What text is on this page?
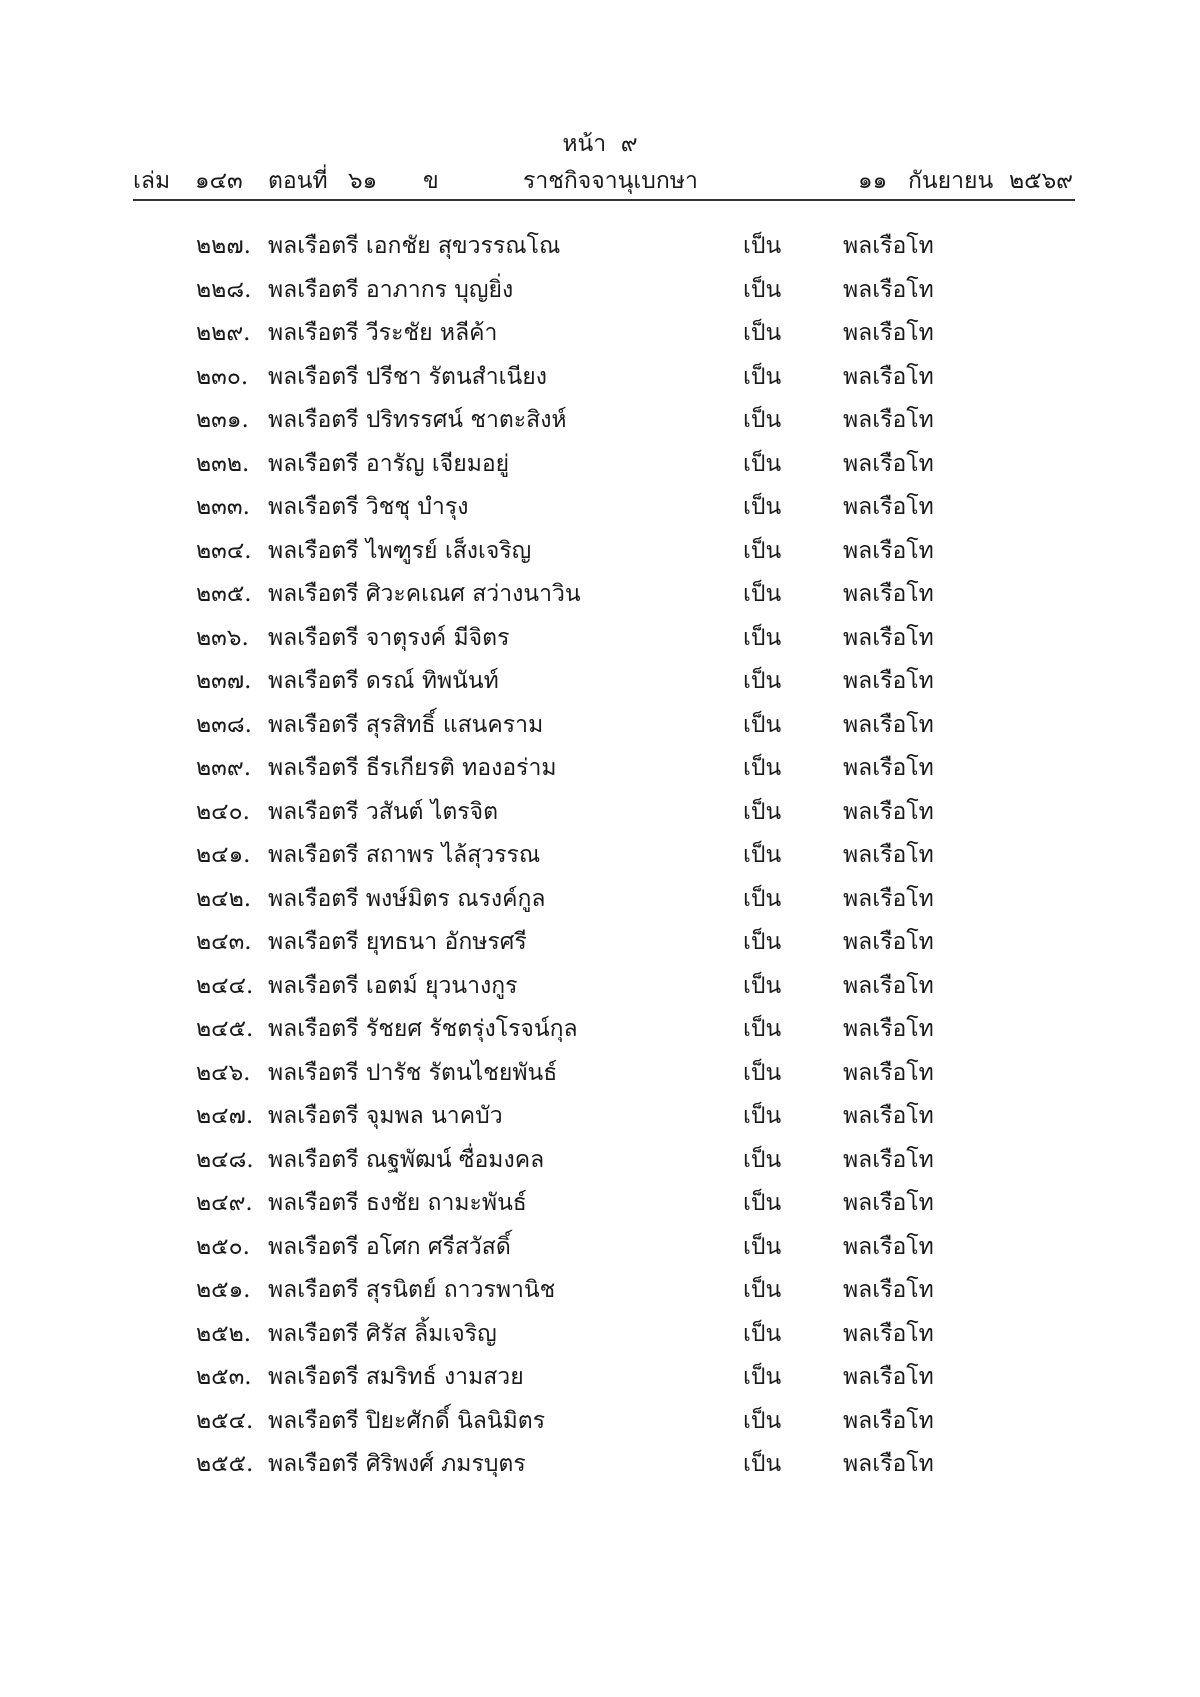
หน้า ๙
เล่ม ๑๔๓ ตอนที่ ๖๑ ข	ราชกิจจานุเบกษา	๑๑ กันยายน ๒๕๖๙
๒๒๗. พลเรือตรี เอกชัย สุขวรรณโณ	เป็น	พลเรือโท
๒๒๘. พลเรือตรี อาภากร บุญยิ่ง	เป็น	พลเรือโท
๒๒๙. พลเรือตรี วีระชัย หลีค้า	เป็น	พลเรือโท
๒๓๐. พลเรือตรี ปรีชา รัตนสำเนียง	เป็น	พลเรือโท
๒๓๑. พลเรือตรี ปริทรรศน์ ชาตะสิงห์	เป็น	พลเรือโท
๒๓๒. พลเรือตรี อารัญ เจียมอยู่	เป็น	พลเรือโท
๒๓๓. พลเรือตรี วิชชุ บำรุง	เป็น	พลเรือโท
๒๓๔. พลเรือตรี ไพฑูรย์ เส็งเจริญ	เป็น	พลเรือโท
๒๓๕. พลเรือตรี ศิวะคเณศ สว่างนาวิน	เป็น	พลเรือโท
๒๓๖. พลเรือตรี จาตุรงค์ มีจิตร	เป็น	พลเรือโท
๒๓๗. พลเรือตรี ดรณ์ ทิพนันท์	เป็น	พลเรือโท
๒๓๘. พลเรือตรี สุรสิทธิ์ แสนคราม	เป็น	พลเรือโท
๒๓๙. พลเรือตรี ธีรเกียรติ ทองอร่าม	เป็น	พลเรือโท
๒๔๐. พลเรือตรี วสันต์ ไตรจิต	เป็น	พลเรือโท
๒๔๑. พลเรือตรี สถาพร ไล้สุวรรณ	เป็น	พลเรือโท
๒๔๒. พลเรือตรี พงษ์มิตร ณรงค์กูล	เป็น	พลเรือโท
๒๔๓. พลเรือตรี ยุทธนา อักษรศรี	เป็น	พลเรือโท
๒๔๔. พลเรือตรี เอตม์ ยุวนางกูร	เป็น	พลเรือโท
๒๔๕. พลเรือตรี รัชยศ รัชตรุ่งโรจน์กุล	เป็น	พลเรือโท
๒๔๖. พลเรือตรี ปารัช รัตนไชยพันธ์	เป็น	พลเรือโท
๒๔๗. พลเรือตรี จุมพล นาคบัว	เป็น	พลเรือโท
๒๔๘. พลเรือตรี ณฐพัฒน์ ซื่อมงคล	เป็น	พลเรือโท
๒๔๙. พลเรือตรี ธงชัย ถามะพันธ์	เป็น	พลเรือโท
๒๕๐. พลเรือตรี อโศก ศรีสวัสดิ์	เป็น	พลเรือโท
๒๕๑. พลเรือตรี สุรนิตย์ ถาวรพานิช	เป็น	พลเรือโท
๒๕๒. พลเรือตรี ศิรัส ลิ้มเจริญ	เป็น	พลเรือโท
๒๕๓. พลเรือตรี สมริทธ์ งามสวย	เป็น	พลเรือโท
๒๕๔. พลเรือตรี ปิยะศักดิ์ นิลนิมิตร	เป็น	พลเรือโท
๒๕๕. พลเรือตรี ศิริพงศ์ ภมรบุตร	เป็น	พลเรือโท
